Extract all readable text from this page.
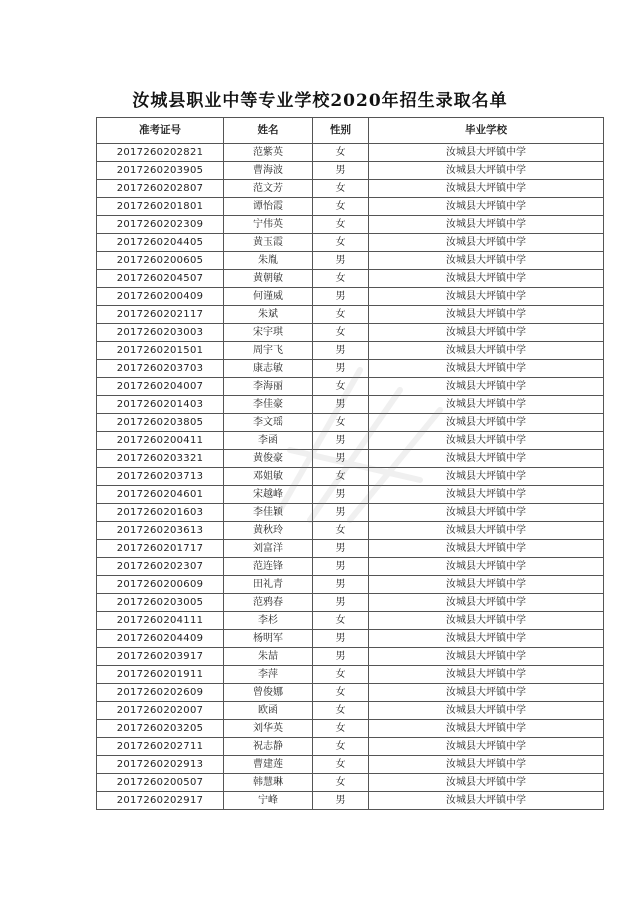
汝城县职业中等专业学校2020年招生录取名单
准考证号	姓名	性别	毕业学校
2017260202821	范紫英	女	汝城县大坪镇中学
2017260203905	曹海波	男	汝城县大坪镇中学
2017260202807	范文芳	女	汝城县大坪镇中学
2017260201801	谭怡霞	女	汝城县大坪镇中学
2017260202309	宁伟英	女	汝城县大坪镇中学
2017260204405	黄玉霞	女	汝城县大坪镇中学
2017260200605	朱胤	男	汝城县大坪镇中学
2017260204507	黄朝敏	女	汝城县大坪镇中学
2017260200409	何谨威	男	汝城县大坪镇中学
2017260202117	朱斌	女	汝城县大坪镇中学
2017260203003	宋宇琪	女	汝城县大坪镇中学
2017260201501	周宇飞	男	汝城县大坪镇中学
2017260203703	康志敏	男	汝城县大坪镇中学
2017260204007	李海丽	女	汝城县大坪镇中学
2017260201403	李佳豪	男	汝城县大坪镇中学
2017260203805	李文瑶	女	汝城县大坪镇中学
2017260200411	李函	男	汝城县大坪镇中学
2017260203321	黄俊豪	男	汝城县大坪镇中学
2017260203713	邓姐敏	女	汝城县大坪镇中学
2017260204601	宋越峰	男	汝城县大坪镇中学
2017260201603	李佳颖	男	汝城县大坪镇中学
2017260203613	黄秋玲	女	汝城县大坪镇中学
2017260201717	刘富洋	男	汝城县大坪镇中学
2017260202307	范连锋	男	汝城县大坪镇中学
2017260200609	田礼青	男	汝城县大坪镇中学
2017260203005	范鸦春	男	汝城县大坪镇中学
2017260204111	李杉	女	汝城县大坪镇中学
2017260204409	杨明军	男	汝城县大坪镇中学
2017260203917	朱喆	男	汝城县大坪镇中学
2017260201911	李萍	女	汝城县大坪镇中学
2017260202609	曾俊娜	女	汝城县大坪镇中学
2017260202007	欧函	女	汝城县大坪镇中学
2017260203205	刘华英	女	汝城县大坪镇中学
2017260202711	祝志静	女	汝城县大坪镇中学
2017260202913	曹建莲	女	汝城县大坪镇中学
2017260200507	韩慧琳	女	汝城县大坪镇中学
2017260202917	宁峰	男	汝城县大坪镇中学
